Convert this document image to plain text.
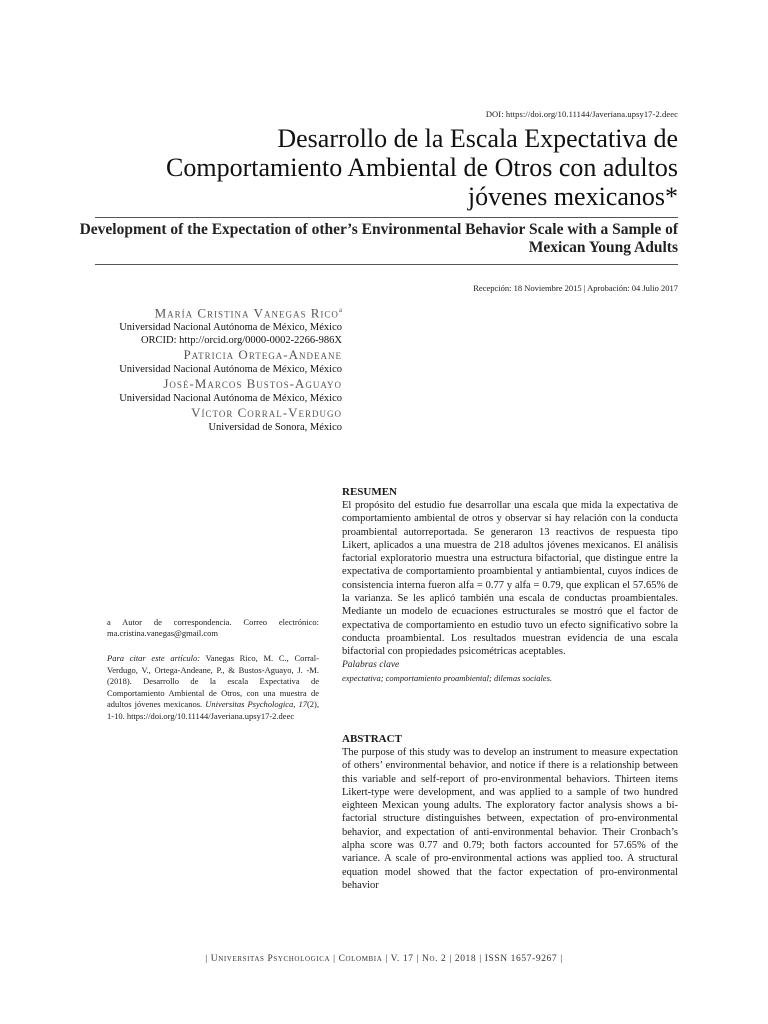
DOI: https://doi.org/10.11144/Javeriana.upsy17-2.deec
Desarrollo de la Escala Expectativa de Comportamiento Ambiental de Otros con adultos jóvenes mexicanos*
Development of the Expectation of other’s Environmental Behavior Scale with a Sample of Mexican Young Adults
Recepción: 18 Noviembre 2015 | Aprobación: 04 Julio 2017
María Cristina Vanegas Rico$^a$
Universidad Nacional Autónoma de México, México
ORCID: http://orcid.org/0000-0002-2266-986X
Patricia Ortega-Andeane
Universidad Nacional Autónoma de México, México
José-Marcos Bustos-Aguayo
Universidad Nacional Autónoma de México, México
Víctor Corral-Verdugo
Universidad de Sonora, México
a Autor de correspondencia. Correo electrónico: ma.cristina.vanegas@gmail.com
Para citar este artículo: Vanegas Rico, M. C., Corral-Verdugo, V., Ortega-Andeane, P., & Bustos-Aguayo, J. -M. (2018). Desarrollo de la escala Expectativa de Comportamiento Ambiental de Otros, con una muestra de adultos jóvenes mexicanos. Universitas Psychologica, 17(2), 1-10. https://doi.org/10.11144/Javeriana.upsy17-2.deec
RESUMEN

El propósito del estudio fue desarrollar una escala que mida la expectativa de comportamiento ambiental de otros y observar si hay relación con la conducta proambiental autorreportada. Se generaron 13 reactivos de respuesta tipo Likert, aplicados a una muestra de 218 adultos jóvenes mexicanos. El análisis factorial exploratorio muestra una estructura bifactorial, que distingue entre la expectativa de comportamiento proambiental y antiambiental, cuyos índices de consistencia interna fueron alfa = 0.77 y alfa = 0.79, que explican el 57.65% de la varianza. Se les aplicó también una escala de conductas proambientales. Mediante un modelo de ecuaciones estructurales se mostró que el factor de expectativa de comportamiento en estudio tuvo un efecto significativo sobre la conducta proambiental. Los resultados muestran evidencia de una escala bifactorial con propiedades psicométricas aceptables.

Palabras clave
expectativa; comportamiento proambiental; dilemas sociales.
ABSTRACT

The purpose of this study was to develop an instrument to measure expectation of others’ environmental behavior, and notice if there is a relationship between this variable and self-report of pro-environmental behaviors. Thirteen items Likert-type were development, and was applied to a sample of two hundred eighteen Mexican young adults. The exploratory factor analysis shows a bi-factorial structure distinguishes between, expectation of pro-environmental behavior, and expectation of anti-environmental behavior. Their Cronbach’s alpha score was 0.77 and 0.79; both factors accounted for 57.65% of the variance. A scale of pro-environmental actions was applied too. A structural equation model showed that the factor expectation of pro-environmental behavior

| Universitas Psychologica | Colombia | V. 17 | No. 2 | 2018 | ISSN 1657-9267 |
